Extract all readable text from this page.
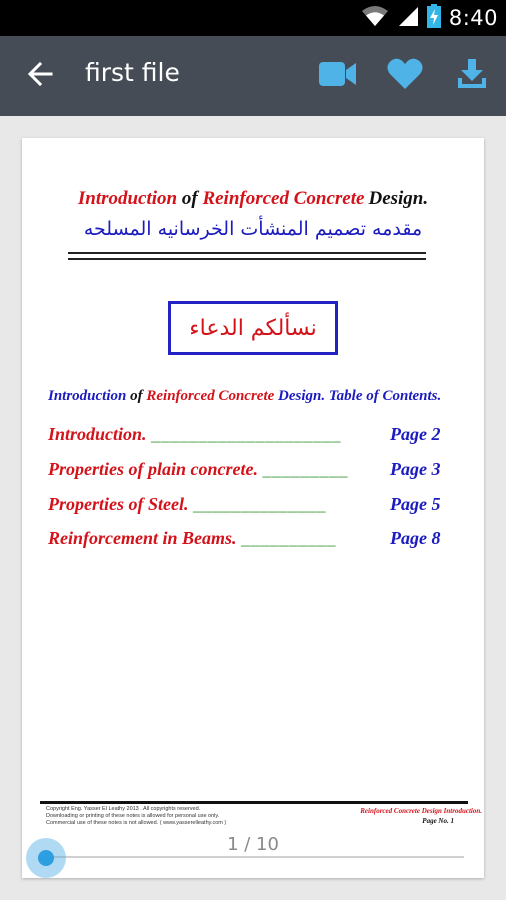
8:40
first file
Introduction of Reinforced Concrete Design.
مقدمه تصميم المنشأت الخرسانيه المسلحه
نسألكم الدعاء
Introduction of Reinforced Concrete Design. Table of Contents.
Introduction. ____________________	Page 2
Properties of plain concrete. _________ Page 3
Properties of Steel. ______________	Page 5
Reinforcement in Beams. __________	Page 8
Copyright Eng. Yasser El Leathy 2013 . All copyrights reserved.
Downloading or printing of these notes is allowed for personal use only.
Commercial use of these notes is not allowed. ( www.yasserelleathy.com )
Reinforced Concrete Design Introduction.
Page No. 1
1 / 10
